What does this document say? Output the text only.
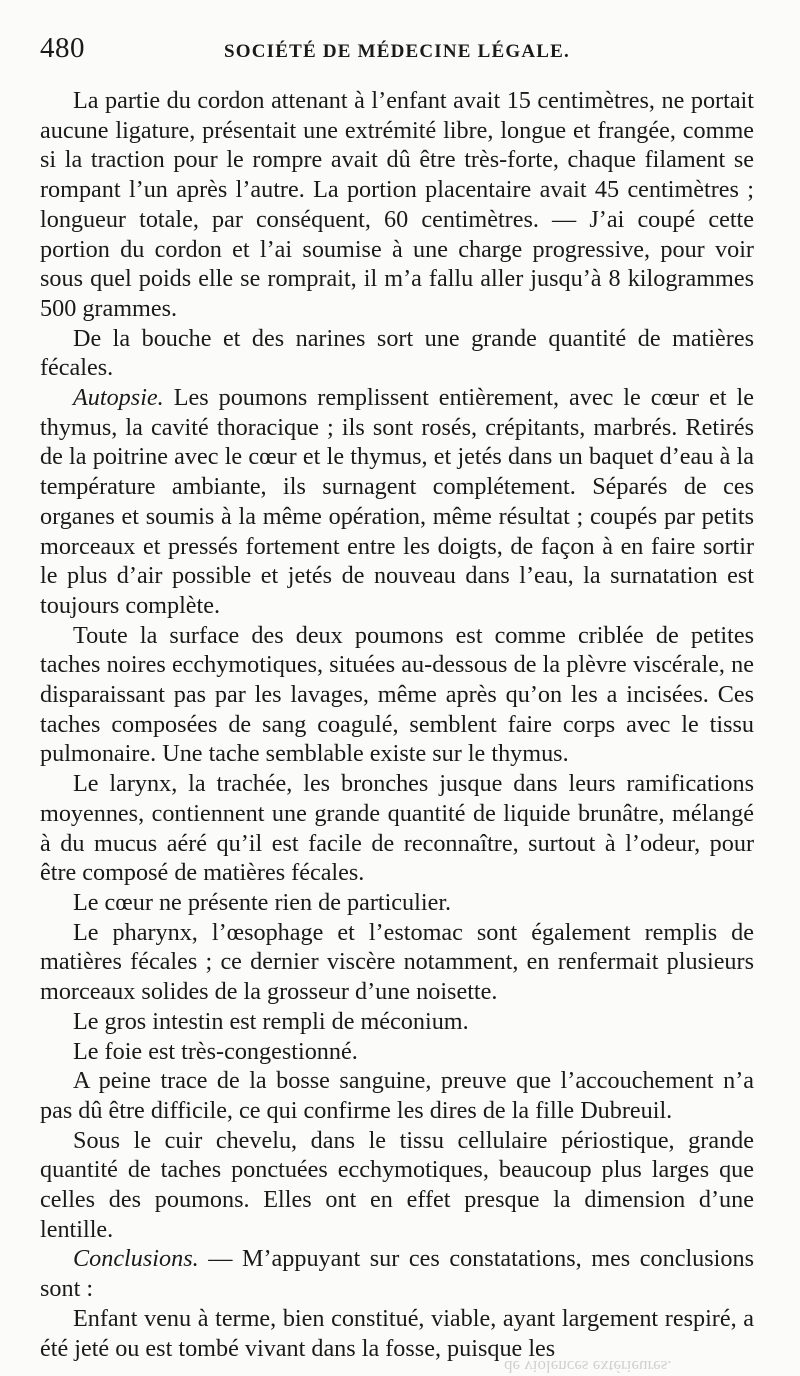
480	SOCIÉTÉ DE MÉDECINE LÉGALE.

La partie du cordon attenant à l’enfant avait 15 centimètres, ne portait aucune ligature, présentait une extrémité libre, longue et frangée, comme si la traction pour le rompre avait dû être très-forte, chaque filament se rompant l’un après l’autre. La portion placentaire avait 45 centimètres ; longueur totale, par conséquent, 60 centimètres. — J’ai coupé cette portion du cordon et l’ai soumise à une charge progressive, pour voir sous quel poids elle se romprait, il m’a fallu aller jusqu’à 8 kilogrammes 500 grammes.

De la bouche et des narines sort une grande quantité de matières fécales.

Autopsie. Les poumons remplissent entièrement, avec le cœur et le thymus, la cavité thoracique ; ils sont rosés, crépitants, marbrés. Retirés de la poitrine avec le cœur et le thymus, et jetés dans un baquet d’eau à la température ambiante, ils surnagent complétement. Séparés de ces organes et soumis à la même opération, même résultat ; coupés par petits morceaux et pressés fortement entre les doigts, de façon à en faire sortir le plus d’air possible et jetés de nouveau dans l’eau, la surnatation est toujours complète.

Toute la surface des deux poumons est comme criblée de petites taches noires ecchymotiques, situées au-dessous de la plèvre viscérale, ne disparaissant pas par les lavages, même après qu’on les a incisées. Ces taches composées de sang coagulé, semblent faire corps avec le tissu pulmonaire. Une tache semblable existe sur le thymus.

Le larynx, la trachée, les bronches jusque dans leurs ramifications moyennes, contiennent une grande quantité de liquide brunâtre, mélangé à du mucus aéré qu’il est facile de reconnaître, surtout à l’odeur, pour être composé de matières fécales.

Le cœur ne présente rien de particulier.

Le pharynx, l’œsophage et l’estomac sont également remplis de matières fécales ; ce dernier viscère notamment, en renfermait plusieurs morceaux solides de la grosseur d’une noisette.

Le gros intestin est rempli de méconium.

Le foie est très-congestionné.

A peine trace de la bosse sanguine, preuve que l’accouchement n’a pas dû être difficile, ce qui confirme les dires de la fille Dubreuil.

Sous le cuir chevelu, dans le tissu cellulaire périostique, grande quantité de taches ponctuées ecchymotiques, beaucoup plus larges que celles des poumons. Elles ont en effet presque la dimension d’une lentille.

Conclusions. — M’appuyant sur ces constatations, mes conclusions sont :

Enfant venu à terme, bien constitué, viable, ayant largement respiré, a été jeté ou est tombé vivant dans la fosse, puisque les

de violences extérieures.
